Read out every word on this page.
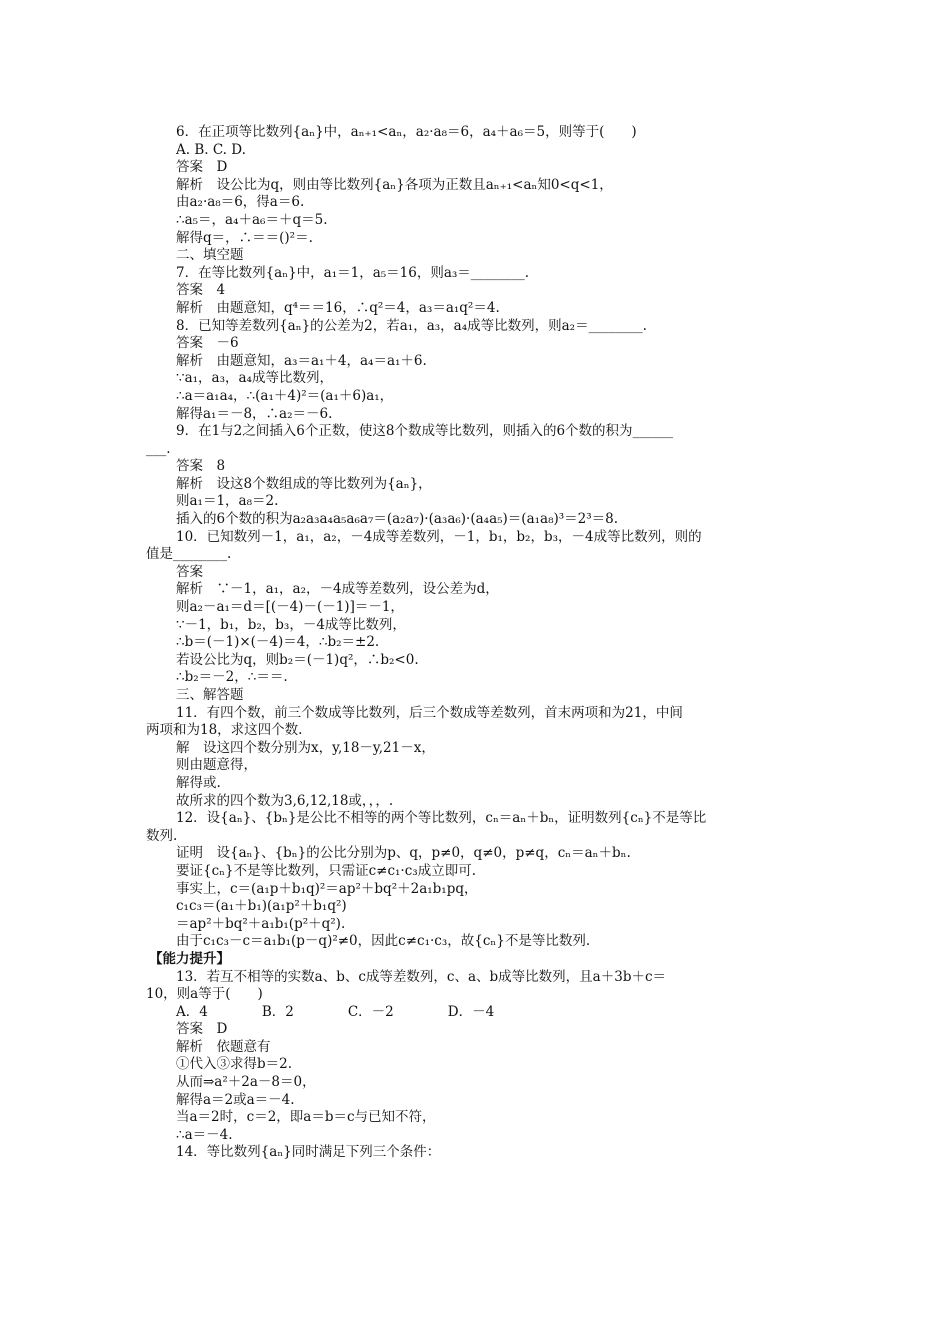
6．在正项等比数列{aₙ}中，aₙ₊₁<aₙ，a₂·a₈＝6，a₄＋a₆＝5，则等于(　　)
A. B. C. D.
答案　D
解析　设公比为q，则由等比数列{aₙ}各项为正数且aₙ₊₁<aₙ知0<q<1，
由a₂·a₈＝6，得a＝6.
∴a₅＝，a₄＋a₆＝＋q＝5.
解得q＝，∴＝＝()²＝.
二、填空题
7．在等比数列{aₙ}中，a₁＝1，a₅＝16，则a₃＝________.
答案　4
解析　由题意知，q⁴＝＝16，∴q²＝4，a₃＝a₁q²＝4.
8．已知等差数列{aₙ}的公差为2，若a₁，a₃，a₄成等比数列，则a₂＝________.
答案　－6
解析　由题意知，a₃＝a₁＋4，a₄＝a₁＋6.
∵a₁，a₃，a₄成等比数列，
∴a＝a₁a₄，∴(a₁＋4)²＝(a₁＋6)a₁，
解得a₁＝－8，∴a₂＝－6.
9．在1与2之间插入6个正数，使这8个数成等比数列，则插入的6个数的积为______
___.
答案　8
解析　设这8个数组成的等比数列为{aₙ}，
则a₁＝1，a₈＝2.
插入的6个数的积为a₂a₃a₄a₅a₆a₇＝(a₂a₇)·(a₃a₆)·(a₄a₅)＝(a₁a₈)³＝2³＝8.
10．已知数列－1，a₁，a₂，－4成等差数列，－1，b₁，b₂，b₃，－4成等比数列，则的
值是________.
答案
解析　∵－1，a₁，a₂，－4成等差数列，设公差为d，
则a₂－a₁＝d＝[(－4)－(－1)]＝－1，
∵－1，b₁，b₂，b₃，－4成等比数列，
∴b＝(－1)×(－4)＝4，∴b₂＝±2.
若设公比为q，则b₂＝(－1)q²，∴b₂<0.
∴b₂＝－2，∴＝＝.
三、解答题
11．有四个数，前三个数成等比数列，后三个数成等差数列，首末两项和为21，中间
两项和为18，求这四个数.
解　设这四个数分别为x，y,18－y,21－x，
则由题意得，
解得或.
故所求的四个数为3,6,12,18或，，，.
12．设{aₙ}、{bₙ}是公比不相等的两个等比数列，cₙ＝aₙ＋bₙ，证明数列{cₙ}不是等比
数列.
证明　设{aₙ}、{bₙ}的公比分别为p、q，p≠0，q≠0，p≠q，cₙ＝aₙ＋bₙ.
要证{cₙ}不是等比数列，只需证c≠c₁·c₃成立即可.
事实上，c＝(a₁p＋b₁q)²＝ap²＋bq²＋2a₁b₁pq，
c₁c₃＝(a₁＋b₁)(a₁p²＋b₁q²)
＝ap²＋bq²＋a₁b₁(p²＋q²).
由于c₁c₃－c＝a₁b₁(p－q)²≠0，因此c≠c₁·c₃，故{cₙ}不是等比数列.
【能力提升】
13．若互不相等的实数a、b、c成等差数列，c、a、b成等比数列，且a＋3b＋c＝
10，则a等于(　　)
A．4　　　　B．2　　　　C．－2　　　　D．－4
答案　D
解析　依题意有
①代入③求得b＝2.
从而⇒a²＋2a－8＝0，
解得a＝2或a＝－4.
当a＝2时，c＝2，即a＝b＝c与已知不符，
∴a＝－4.
14．等比数列{aₙ}同时满足下列三个条件：
